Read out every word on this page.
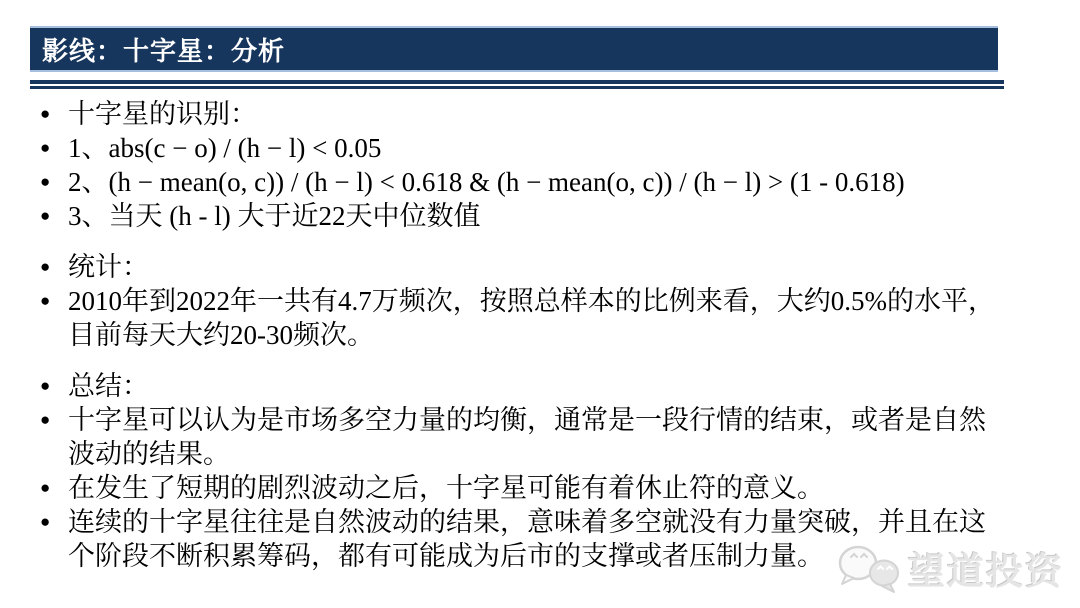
影线：十字星：分析
● 十字星的识别：
● 1、abs(c − o) / (h − l) < 0.05
● 2、(h − mean(o, c)) / (h − l) < 0.618 & (h − mean(o, c)) / (h − l) > (1 - 0.618)
● 3、当天 (h - l) 大于近22天中位数值
● 统计：
● 2010年到2022年一共有4.7万频次，按照总样本的比例来看，大约0.5%的水平，目前每天大约20-30频次。
● 总结：
● 十字星可以认为是市场多空力量的均衡，通常是一段行情的结束，或者是自然波动的结果。
● 在发生了短期的剧烈波动之后，十字星可能有着休止符的意义。
● 连续的十字星往往是自然波动的结果，意味着多空就没有力量突破，并且在这个阶段不断积累筹码，都有可能成为后市的支撑或者压制力量。	望道投资
